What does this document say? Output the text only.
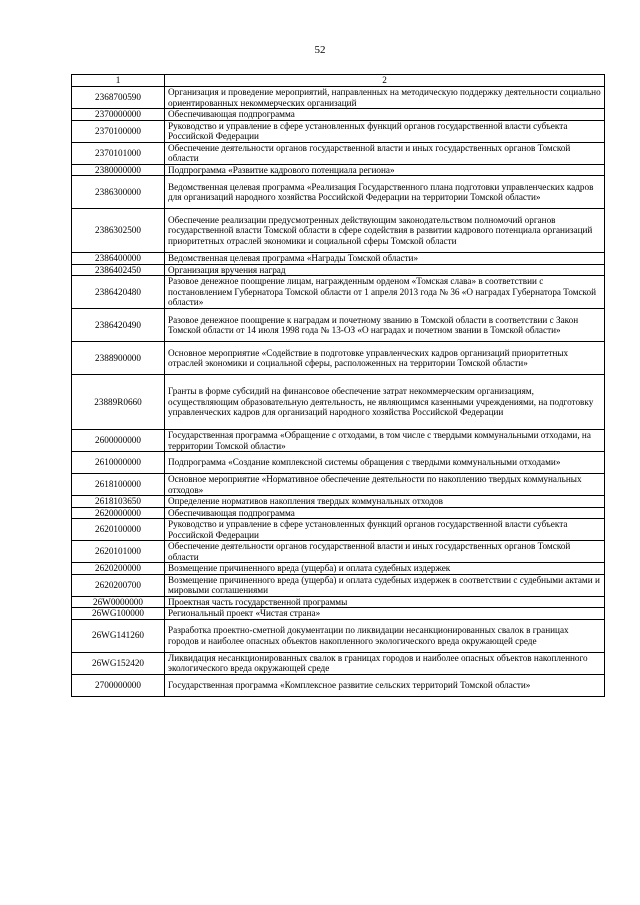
52
1	2
2368700590	Организация и проведение мероприятий, направленных на методическую поддержку деятельности социально ориентированных некоммерческих организаций
2370000000	Обеспечивающая подпрограмма
2370100000	Руководство и управление в сфере установленных функций органов государственной власти субъекта Российской Федерации
2370101000	Обеспечение деятельности органов государственной власти и иных государственных органов Томской области
2380000000	Подпрограмма «Развитие кадрового потенциала региона»
2386300000	Ведомственная целевая программа «Реализация Государственного плана подготовки управленческих кадров для организаций народного хозяйства Российской Федерации на территории Томской области»
2386302500	Обеспечение реализации предусмотренных действующим законодательством полномочий органов государственной власти Томской области в сфере содействия в развитии кадрового потенциала организаций приоритетных отраслей экономики и социальной сферы Томской области
2386400000	Ведомственная целевая программа «Награды Томской области»
2386402450	Организация вручения наград
2386420480	Разовое денежное поощрение лицам, награжденным орденом «Томская слава» в соответствии с постановлением Губернатора Томской области от 1 апреля 2013 года № 36 «О наградах Губернатора Томской области»
2386420490	Разовое денежное поощрение к наградам и почетному званию в Томской области в соответствии с Закон Томской области от 14 июля 1998 года № 13-ОЗ «О наградах и почетном звании в Томской области»
2388900000	Основное мероприятие «Содействие в подготовке управленческих кадров организаций приоритетных отраслей экономики и социальной сферы, расположенных на территории Томской области»
23889R0660	Гранты в форме субсидий на финансовое обеспечение затрат некоммерческим организациям, осуществляющим образовательную деятельность, не являющимся казенными учреждениями, на подготовку управленческих кадров для организаций народного хозяйства Российской Федерации
2600000000	Государственная программа «Обращение с отходами, в том числе с твердыми коммунальными отходами, на территории Томской области»
2610000000	Подпрограмма «Создание комплексной системы обращения с твердыми коммунальными отходами»
2618100000	Основное мероприятие «Нормативное обеспечение деятельности по накоплению твердых коммунальных отходов»
2618103650	Определение нормативов накопления твердых коммунальных отходов
2620000000	Обеспечивающая подпрограмма
2620100000	Руководство и управление в сфере установленных функций органов государственной власти субъекта Российской Федерации
2620101000	Обеспечение деятельности органов государственной власти и иных государственных органов Томской области
2620200000	Возмещение причиненного вреда (ущерба) и оплата судебных издержек
2620200700	Возмещение причиненного вреда (ущерба) и оплата судебных издержек в соответствии с судебными актами и мировыми соглашениями
26W0000000	Проектная часть государственной программы
26WG100000	Региональный проект «Чистая страна»
26WG141260	Разработка проектно-сметной документации по ликвидации несанкционированных свалок в границах городов и наиболее опасных объектов накопленного экологического вреда окружающей среде
26WG152420	Ликвидация несанкционированных свалок в границах городов и наиболее опасных объектов накопленного экологического вреда окружающей среде
2700000000	Государственная программа «Комплексное развитие сельских территорий Томской области»
